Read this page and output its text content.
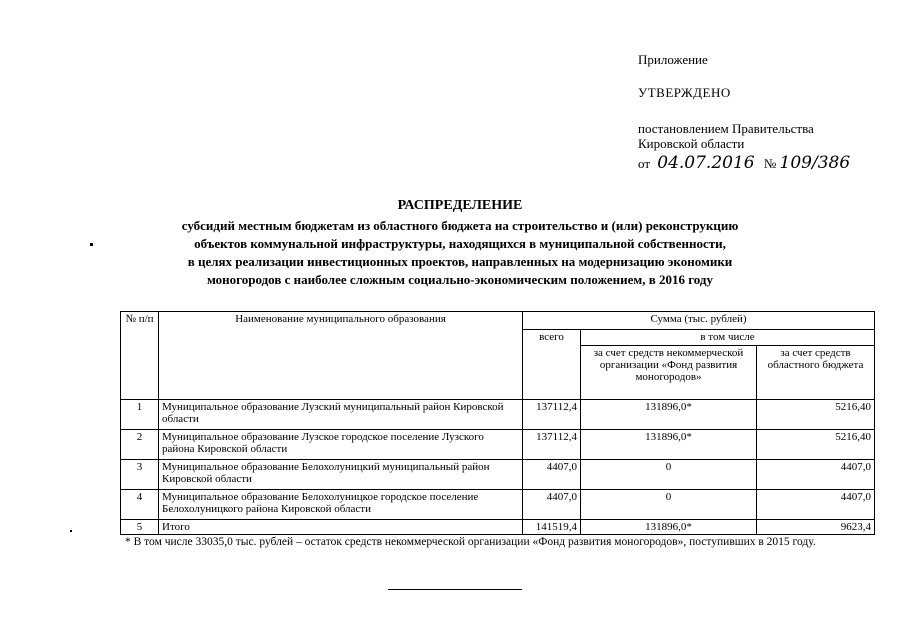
Приложение
УТВЕРЖДЕНО
постановлением Правительства
Кировской области
от 04.07.2016 № 109/386
РАСПРЕДЕЛЕНИЕ
субсидий местным бюджетам из областного бюджета на строительство и (или) реконструкцию
объектов коммунальной инфраструктуры, находящихся в муниципальной собственности,
в целях реализации инвестиционных проектов, направленных на модернизацию экономики
моногородов с наиболее сложным социально-экономическим положением, в 2016 году
№ п/п	Наименование муниципального образования	Сумма (тыс. рублей)		
		всего	в том числе	
			за счет средств некоммерческой организации «Фонд развития моногородов»	за счет средств областного бюджета
1	Муниципальное образование Лузский муниципальный район Кировской области	137112,4	131896,0*	5216,40
2	Муниципальное образование Лузское городское поселение Лузского района Кировской области	137112,4	131896,0*	5216,40
3	Муниципальное образование Белохолуницкий муниципальный район Кировской области	4407,0	0	4407,0
4	Муниципальное образование Белохолуницкое городское поселение Белохолуницкого района Кировской области	4407,0	0	4407,0
5	Итого	141519,4	131896,0*	9623,4
* В том числе 33035,0 тыс. рублей – остаток средств некоммерческой организации «Фонд развития моногородов», поступивших в 2015 году.
